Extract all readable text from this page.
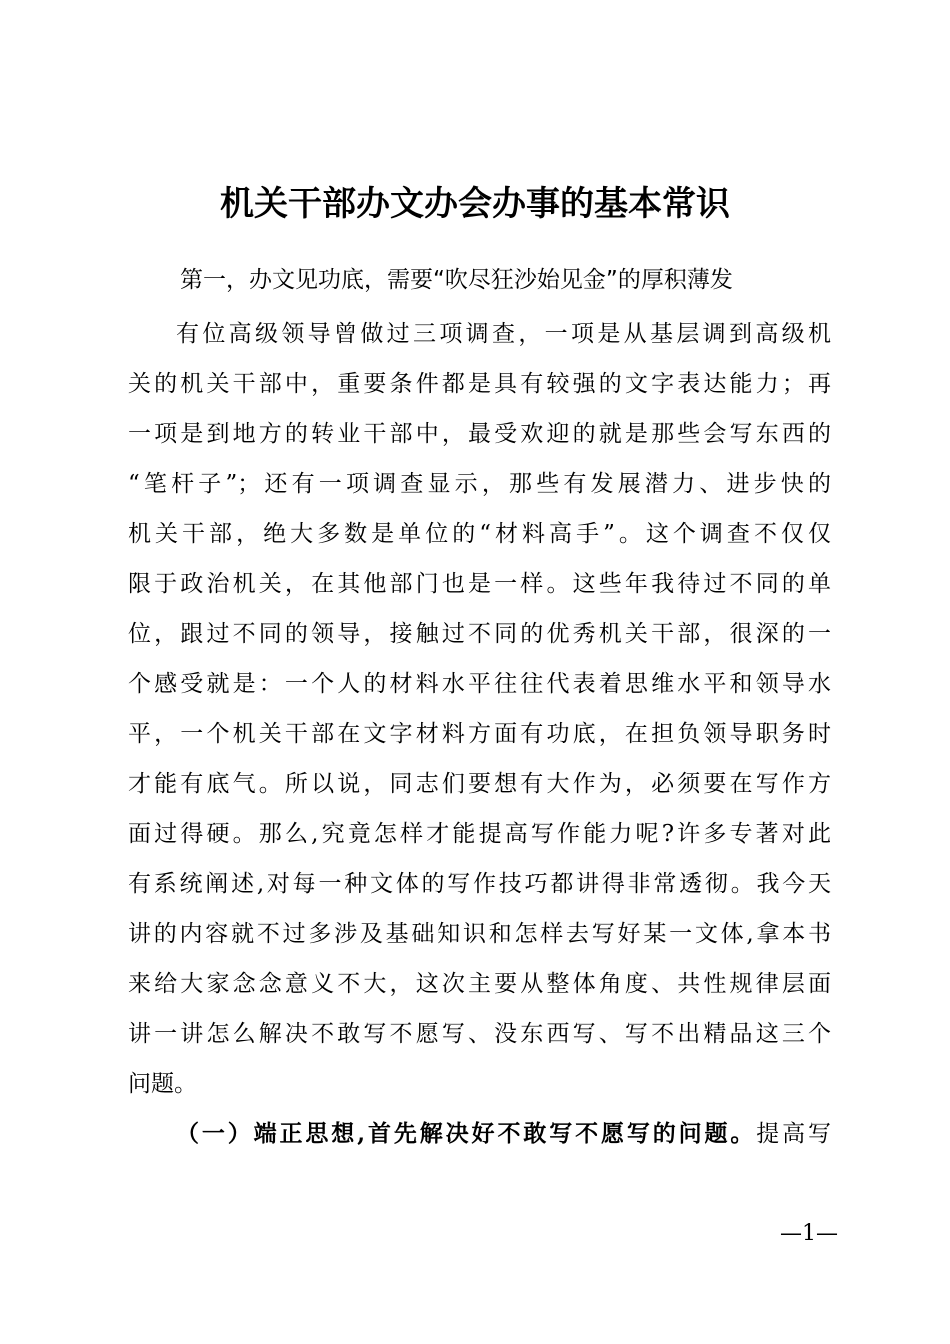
机关干部办文办会办事的基本常识
第一，办文见功底，需要“吹尽狂沙始见金”的厚积薄发
有位高级领导曾做过三项调查，一项是从基层调到高级机
关的机关干部中，重要条件都是具有较强的文字表达能力；再
一项是到地方的转业干部中，最受欢迎的就是那些会写东西的
“笔杆子”；还有一项调查显示，那些有发展潜力、进步快的
机关干部，绝大多数是单位的“材料高手”。这个调查不仅仅
限于政治机关，在其他部门也是一样。这些年我待过不同的单
位，跟过不同的领导，接触过不同的优秀机关干部，很深的一
个感受就是：一个人的材料水平往往代表着思维水平和领导水
平，一个机关干部在文字材料方面有功底，在担负领导职务时
才能有底气。所以说，同志们要想有大作为，必须要在写作方
面过得硬。那么,究竟怎样才能提高写作能力呢?许多专著对此
有系统阐述,对每一种文体的写作技巧都讲得非常透彻。我今天
讲的内容就不过多涉及基础知识和怎样去写好某一文体,拿本书
来给大家念念意义不大，这次主要从整体角度、共性规律层面
讲一讲怎么解决不敢写不愿写、没东西写、写不出精品这三个
问题。
（一）端正思想,首先解决好不敢写不愿写的问题。提高写
—1—
